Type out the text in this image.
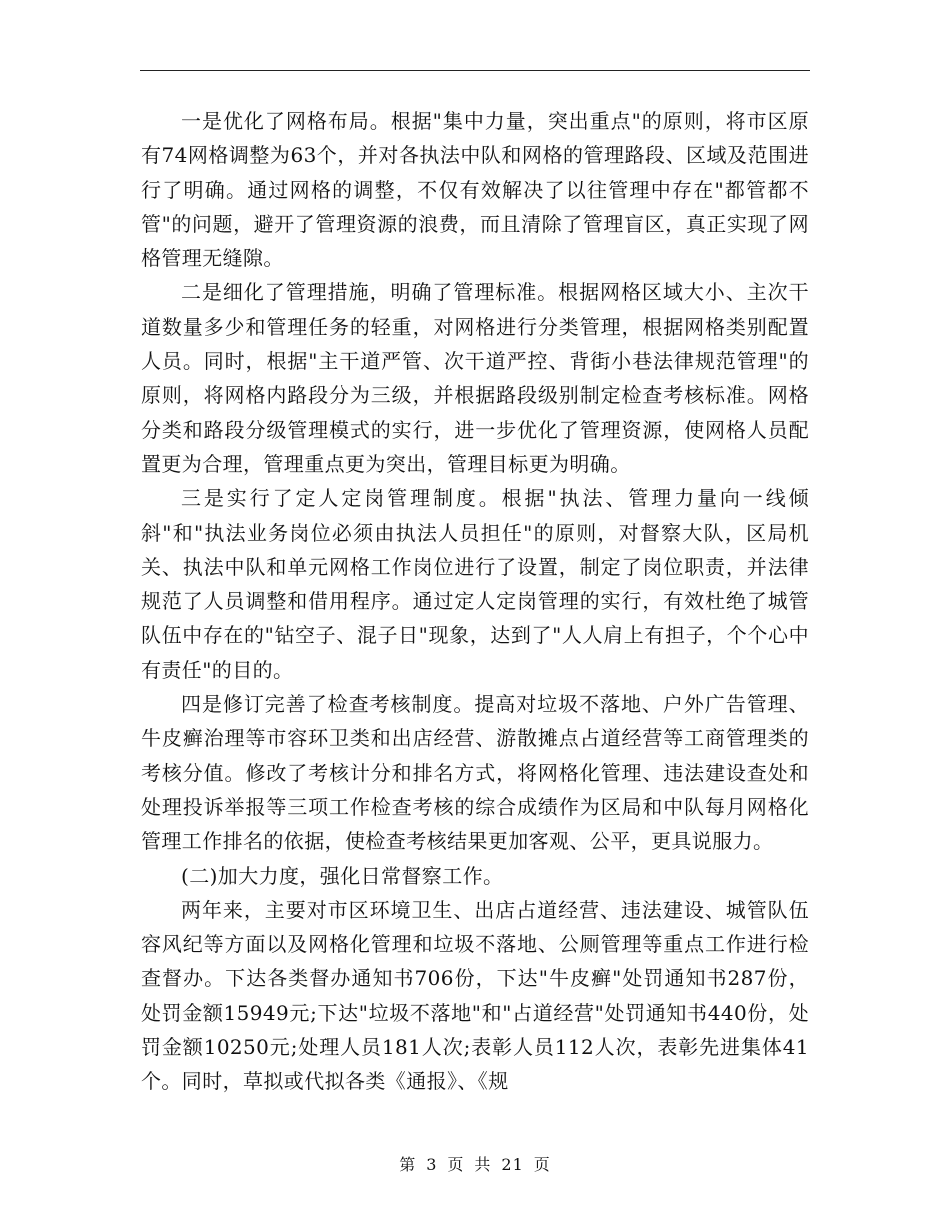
一是优化了网格布局。根据"集中力量，突出重点"的原则，将市区原有74网格调整为63个，并对各执法中队和网格的管理路段、区域及范围进行了明确。通过网格的调整，不仅有效解决了以往管理中存在"都管都不管"的问题，避开了管理资源的浪费，而且清除了管理盲区，真正实现了网格管理无缝隙。

二是细化了管理措施，明确了管理标准。根据网格区域大小、主次干道数量多少和管理任务的轻重，对网格进行分类管理，根据网格类别配置人员。同时，根据"主干道严管、次干道严控、背街小巷法律规范管理"的原则，将网格内路段分为三级，并根据路段级别制定检查考核标准。网格分类和路段分级管理模式的实行，进一步优化了管理资源，使网格人员配置更为合理，管理重点更为突出，管理目标更为明确。

三是实行了定人定岗管理制度。根据"执法、管理力量向一线倾斜"和"执法业务岗位必须由执法人员担任"的原则，对督察大队，区局机关、执法中队和单元网格工作岗位进行了设置，制定了岗位职责，并法律规范了人员调整和借用程序。通过定人定岗管理的实行，有效杜绝了城管队伍中存在的"钻空子、混子日"现象，达到了"人人肩上有担子，个个心中有责任"的目的。

四是修订完善了检查考核制度。提高对垃圾不落地、户外广告管理、牛皮癣治理等市容环卫类和出店经营、游散摊点占道经营等工商管理类的考核分值。修改了考核计分和排名方式，将网格化管理、违法建设查处和处理投诉举报等三项工作检查考核的综合成绩作为区局和中队每月网格化管理工作排名的依据，使检查考核结果更加客观、公平，更具说服力。

(二)加大力度，强化日常督察工作。

两年来，主要对市区环境卫生、出店占道经营、违法建设、城管队伍容风纪等方面以及网格化管理和垃圾不落地、公厕管理等重点工作进行检查督办。下达各类督办通知书706份，下达"牛皮癣"处罚通知书287份，处罚金额15949元;下达"垃圾不落地"和"占道经营"处罚通知书440份，处罚金额10250元;处理人员181人次;表彰人员112人次，表彰先进集体41个。同时，草拟或代拟各类《通报》、《规

第 3 页 共 21 页
